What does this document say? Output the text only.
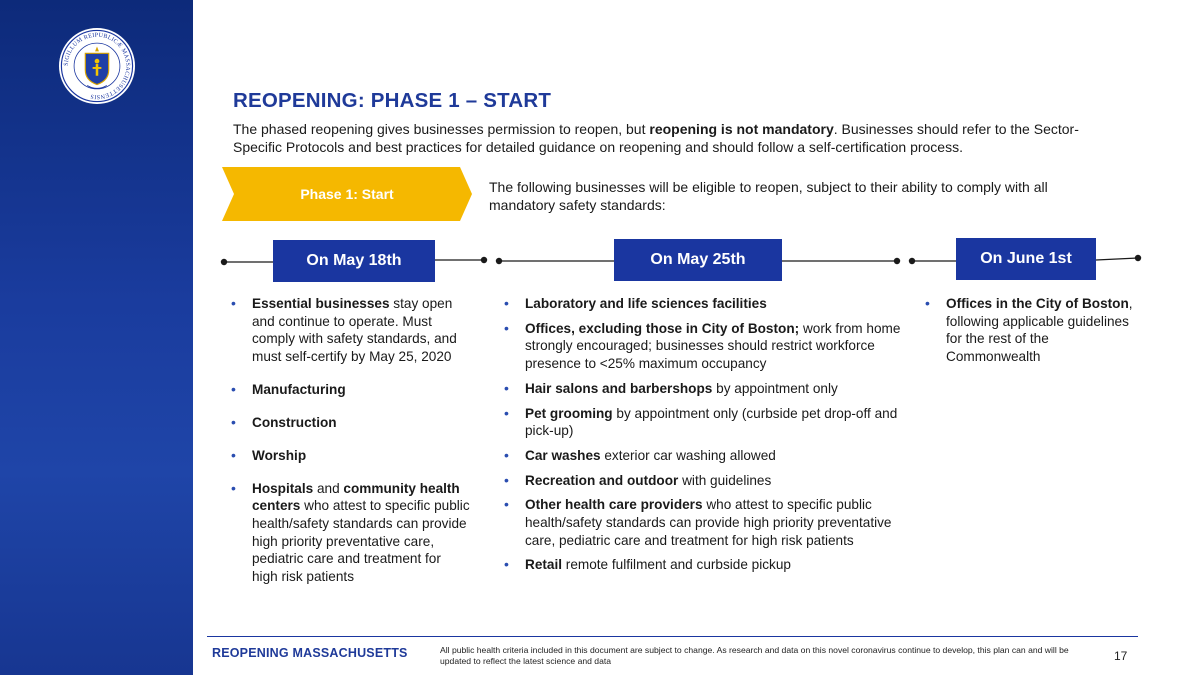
SIGILLUM REIPUBLICÆ MASSACHUSETTENSIS	REOPENING: PHASE 1 – START

The phased reopening gives businesses permission to reopen, but reopening is not mandatory. Businesses should refer to the Sector-Specific Protocols and best practices for detailed guidance on reopening and should follow a self-certification process.

Phase 1: Start	The following businesses will be eligible to reopen, subject to their ability to comply with all mandatory safety standards:

On May 18th	On May 25th	On June 1st
• Essential businesses stay open and continue to operate. Must comply with safety standards, and must self-certify by May 25, 2020
• Manufacturing
• Construction
• Worship
• Hospitals and community health centers who attest to specific public health/safety standards can provide high priority preventative care, pediatric care and treatment for high risk patients
• Laboratory and life sciences facilities
• Offices, excluding those in City of Boston; work from home strongly encouraged; businesses should restrict workforce presence to <25% maximum occupancy
• Hair salons and barbershops by appointment only
• Pet grooming by appointment only (curbside pet drop-off and pick-up)
• Car washes exterior car washing allowed
• Recreation and outdoor with guidelines
• Other health care providers who attest to specific public health/safety standards can provide high priority preventative care, pediatric care and treatment for high risk patients
• Retail remote fulfilment and curbside pickup
• Offices in the City of Boston, following applicable guidelines for the rest of the Commonwealth
REOPENING MASSACHUSETTS	All public health criteria included in this document are subject to change. As research and data on this novel coronavirus continue to develop, this plan can and will be updated to reflect the latest science and data	17
